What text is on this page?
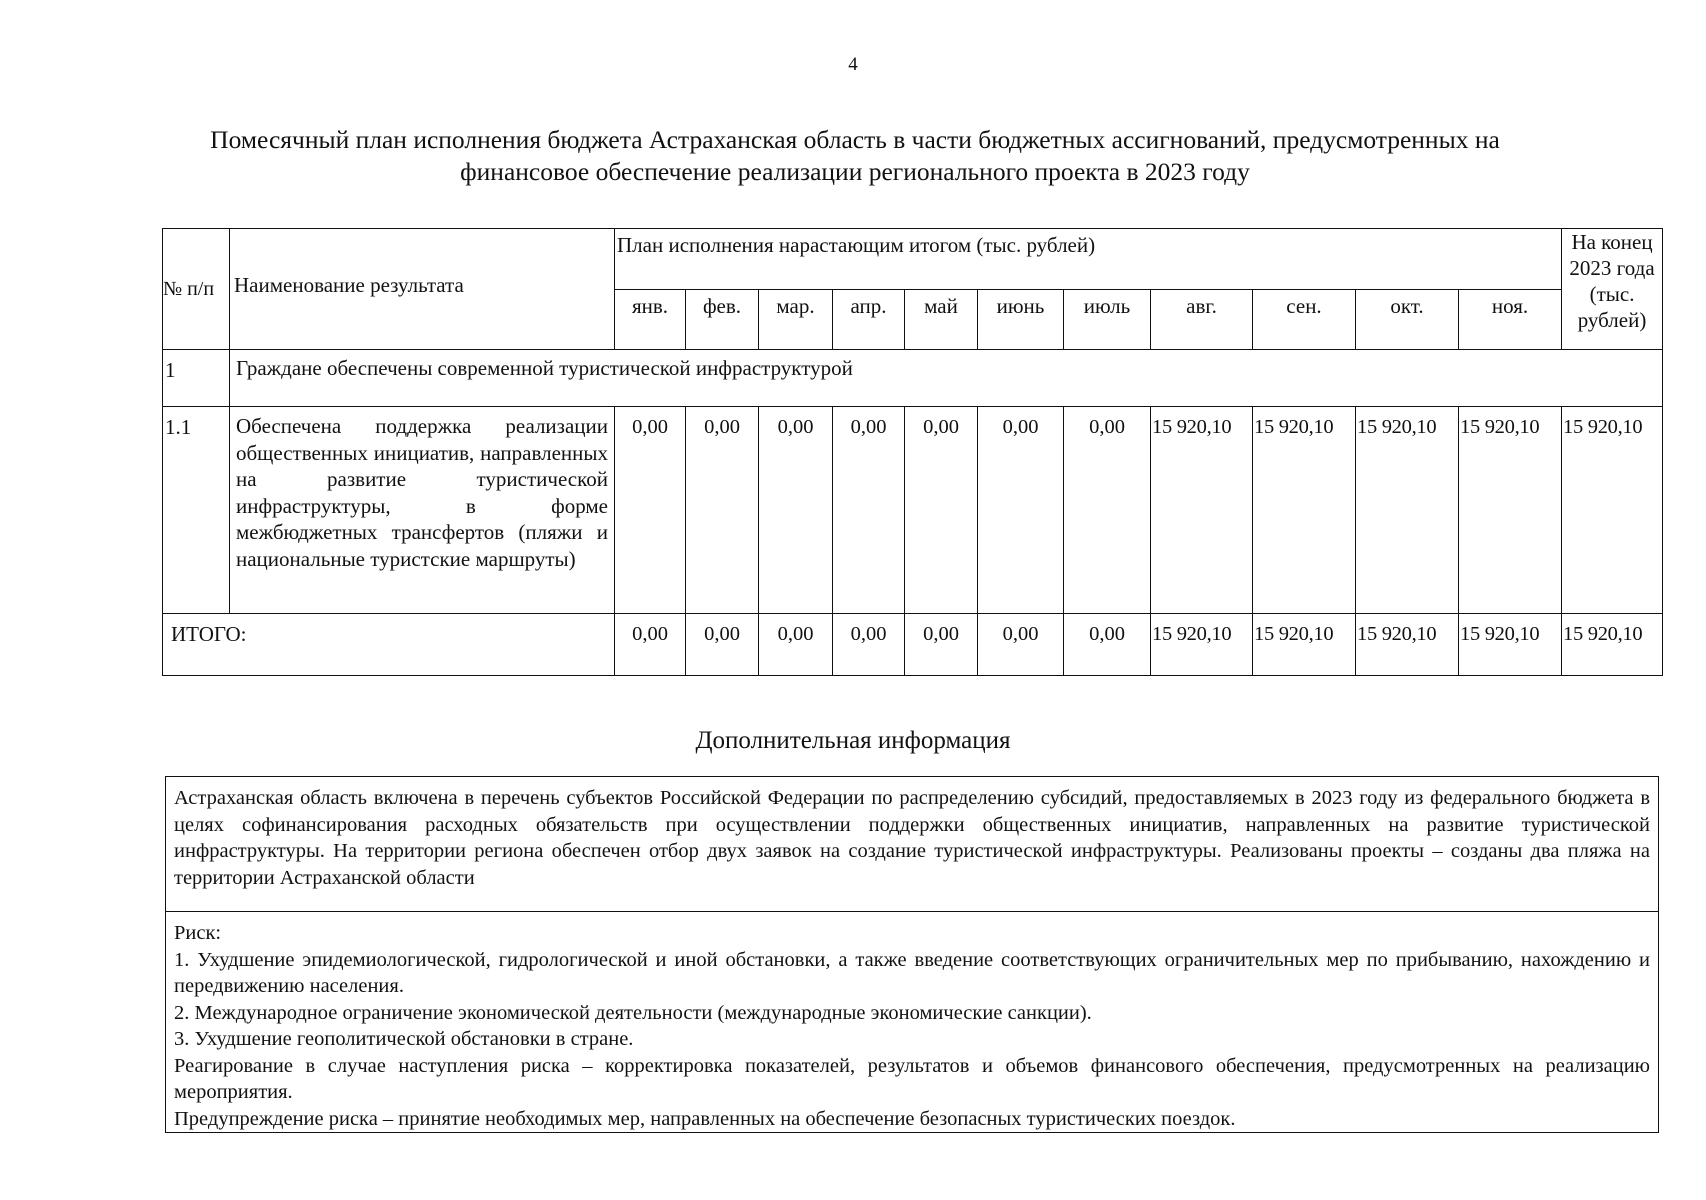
4
Помесячный план исполнения бюджета Астраханская область в части бюджетных ассигнований, предусмотренных на финансовое обеспечение реализации регионального проекта в 2023 году
№ п/п	Наименование результата	План исполнения нарастающим итогом (тыс. рублей)											На конец 2023 года (тыс. рублей)
		янв.	фев.	мар.	апр.	май	июнь	июль	авг.	сен.	окт.	ноя.	
1	Граждане обеспечены современной туристической инфраструктурой												
1.1	Обеспечена поддержка реализации общественных инициатив, направленных на развитие туристической инфраструктуры, в форме межбюджетных трансфертов (пляжи и национальные туристские маршруты)	0,00	0,00	0,00	0,00	0,00	0,00	0,00	15 920,10	15 920,10	15 920,10	15 920,10	15 920,10
ИТОГО:		0,00	0,00	0,00	0,00	0,00	0,00	0,00	15 920,10	15 920,10	15 920,10	15 920,10	15 920,10
Дополнительная информация
Астраханская область включена в перечень субъектов Российской Федерации по распределению субсидий, предоставляемых в 2023 году из федерального бюджета в целях софинансирования расходных обязательств при осуществлении поддержки общественных инициатив, направленных на развитие туристической инфраструктуры. На территории региона обеспечен отбор двух заявок на создание туристической инфраструктуры. Реализованы проекты – созданы два пляжа на территории Астраханской области
Риск:
1. Ухудшение эпидемиологической, гидрологической и иной обстановки, а также введение соответствующих ограничительных мер по прибыванию, нахождению и передвижению населения.
2. Международное ограничение экономической деятельности (международные экономические санкции).
3. Ухудшение геополитической обстановки в стране.
Реагирование в случае наступления риска – корректировка показателей, результатов и объемов финансового обеспечения, предусмотренных на реализацию мероприятия.
Предупреждение риска – принятие необходимых мер, направленных на обеспечение безопасных туристических поездок.
